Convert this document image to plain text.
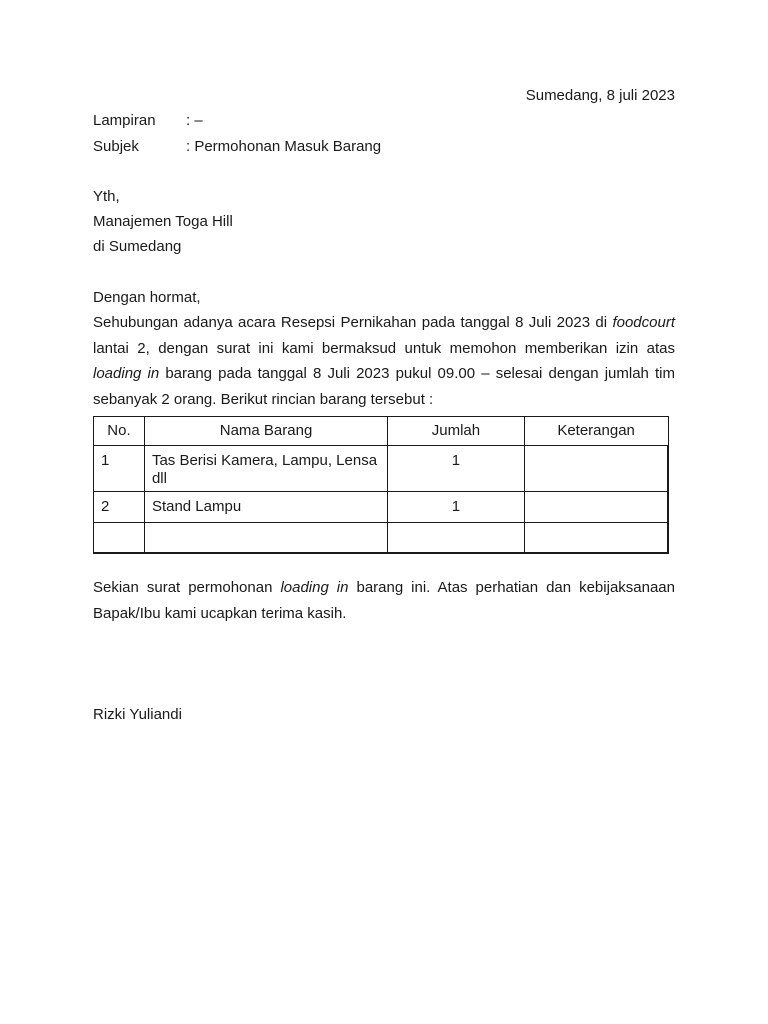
Sumedang, 8 juli 2023
Lampiran : –
Subjek	: Permohonan Masuk Barang
Yth,
Manajemen Toga Hill
di Sumedang
Dengan hormat,
Sehubungan adanya acara Resepsi Pernikahan pada tanggal 8 Juli 2023 di foodcourt lantai 2, dengan surat ini kami bermaksud untuk memohon memberikan izin atas loading in barang pada tanggal 8 Juli 2023 pukul 09.00 – selesai dengan jumlah tim sebanyak 2 orang. Berikut rincian barang tersebut :
No.	Nama Barang	Jumlah	Keterangan
1	Tas Berisi Kamera, Lampu, Lensa dll	1	
2	Stand Lampu	1	

Sekian surat permohonan loading in barang ini. Atas perhatian dan kebijaksanaan Bapak/Ibu kami ucapkan terima kasih.
Rizki Yuliandi
